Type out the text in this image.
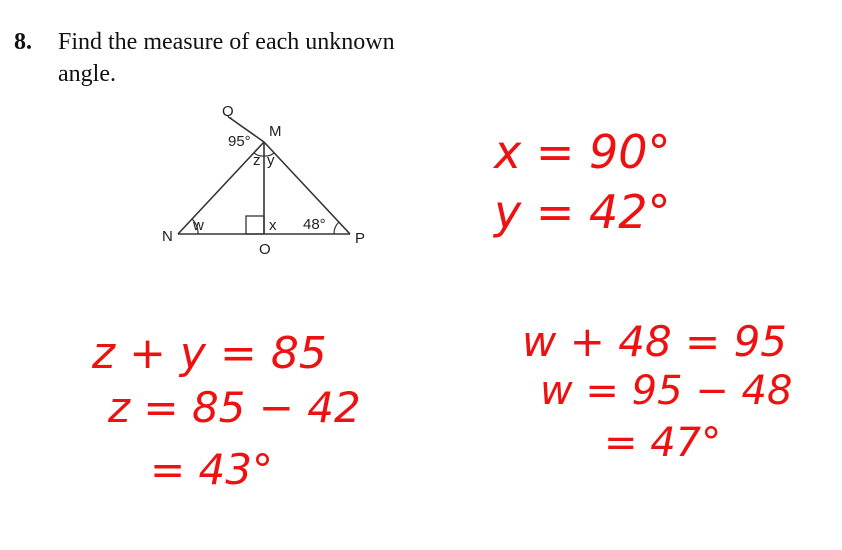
8. Find the measure of each unknown angle.
Q
M
N
O
P
95°
z y
w	x 48°
x = 90°
y = 42°
z + y = 85
z = 85 − 42
= 43°
w + 48 = 95
w = 95 − 48
= 47°
